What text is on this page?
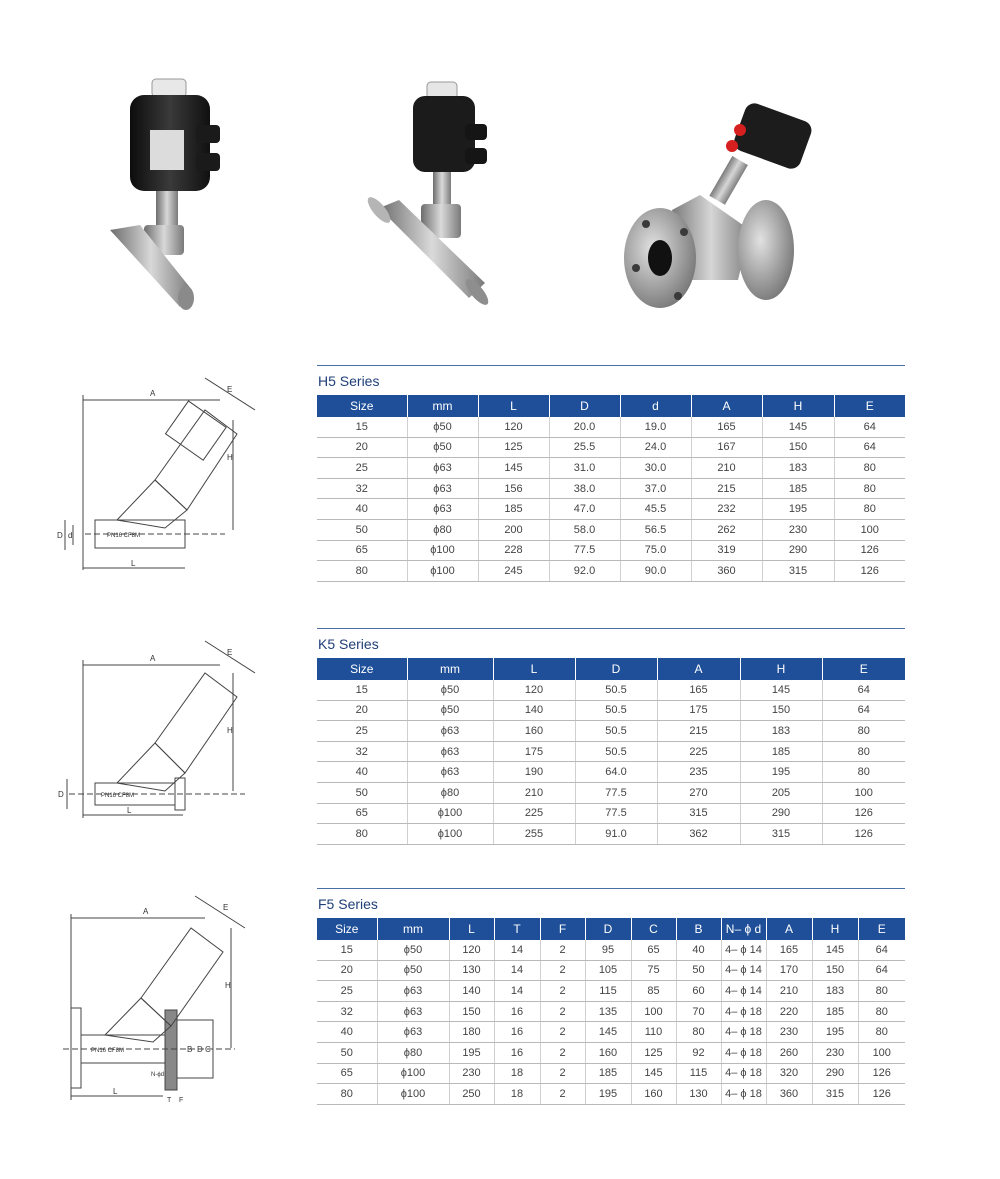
A	E
H
L
D d	PN16 CF8M
A
E
H
L
D	PN16 CF8M
A	E
H
L
D C
B
T F
N-ϕd
PN16 CF8M
H5 Series
Size	mm	L	D	d	A	H	E
15	ϕ50	120	20.0	19.0	165	145	64
20	ϕ50	125	25.5	24.0	167	150	64
25	ϕ63	145	31.0	30.0	210	183	80
32	ϕ63	156	38.0	37.0	215	185	80
40	ϕ63	185	47.0	45.5	232	195	80
50	ϕ80	200	58.0	56.5	262	230	100
65	ϕ100	228	77.5	75.0	319	290	126
80	ϕ100	245	92.0	90.0	360	315	126
K5 Series
Size	mm	L	D	A	H	E
15	ϕ50	120	50.5	165	145	64
20	ϕ50	140	50.5	175	150	64
25	ϕ63	160	50.5	215	183	80
32	ϕ63	175	50.5	225	185	80
40	ϕ63	190	64.0	235	195	80
50	ϕ80	210	77.5	270	205	100
65	ϕ100	225	77.5	315	290	126
80	ϕ100	255	91.0	362	315	126
F5 Series
Size	mm	L	T	F	D	C	B	N– ϕ d	A	H	E
15	ϕ50	120	14	2	95	65	40	4– ϕ 14	165	145	64
20	ϕ50	130	14	2	105	75	50	4– ϕ 14	170	150	64
25	ϕ63	140	14	2	115	85	60	4– ϕ 14	210	183	80
32	ϕ63	150	16	2	135	100	70	4– ϕ 18	220	185	80
40	ϕ63	180	16	2	145	110	80	4– ϕ 18	230	195	80
50	ϕ80	195	16	2	160	125	92	4– ϕ 18	260	230	100
65	ϕ100	230	18	2	185	145	115	4– ϕ 18	320	290	126
80	ϕ100	250	18	2	195	160	130	4– ϕ 18	360	315	126
